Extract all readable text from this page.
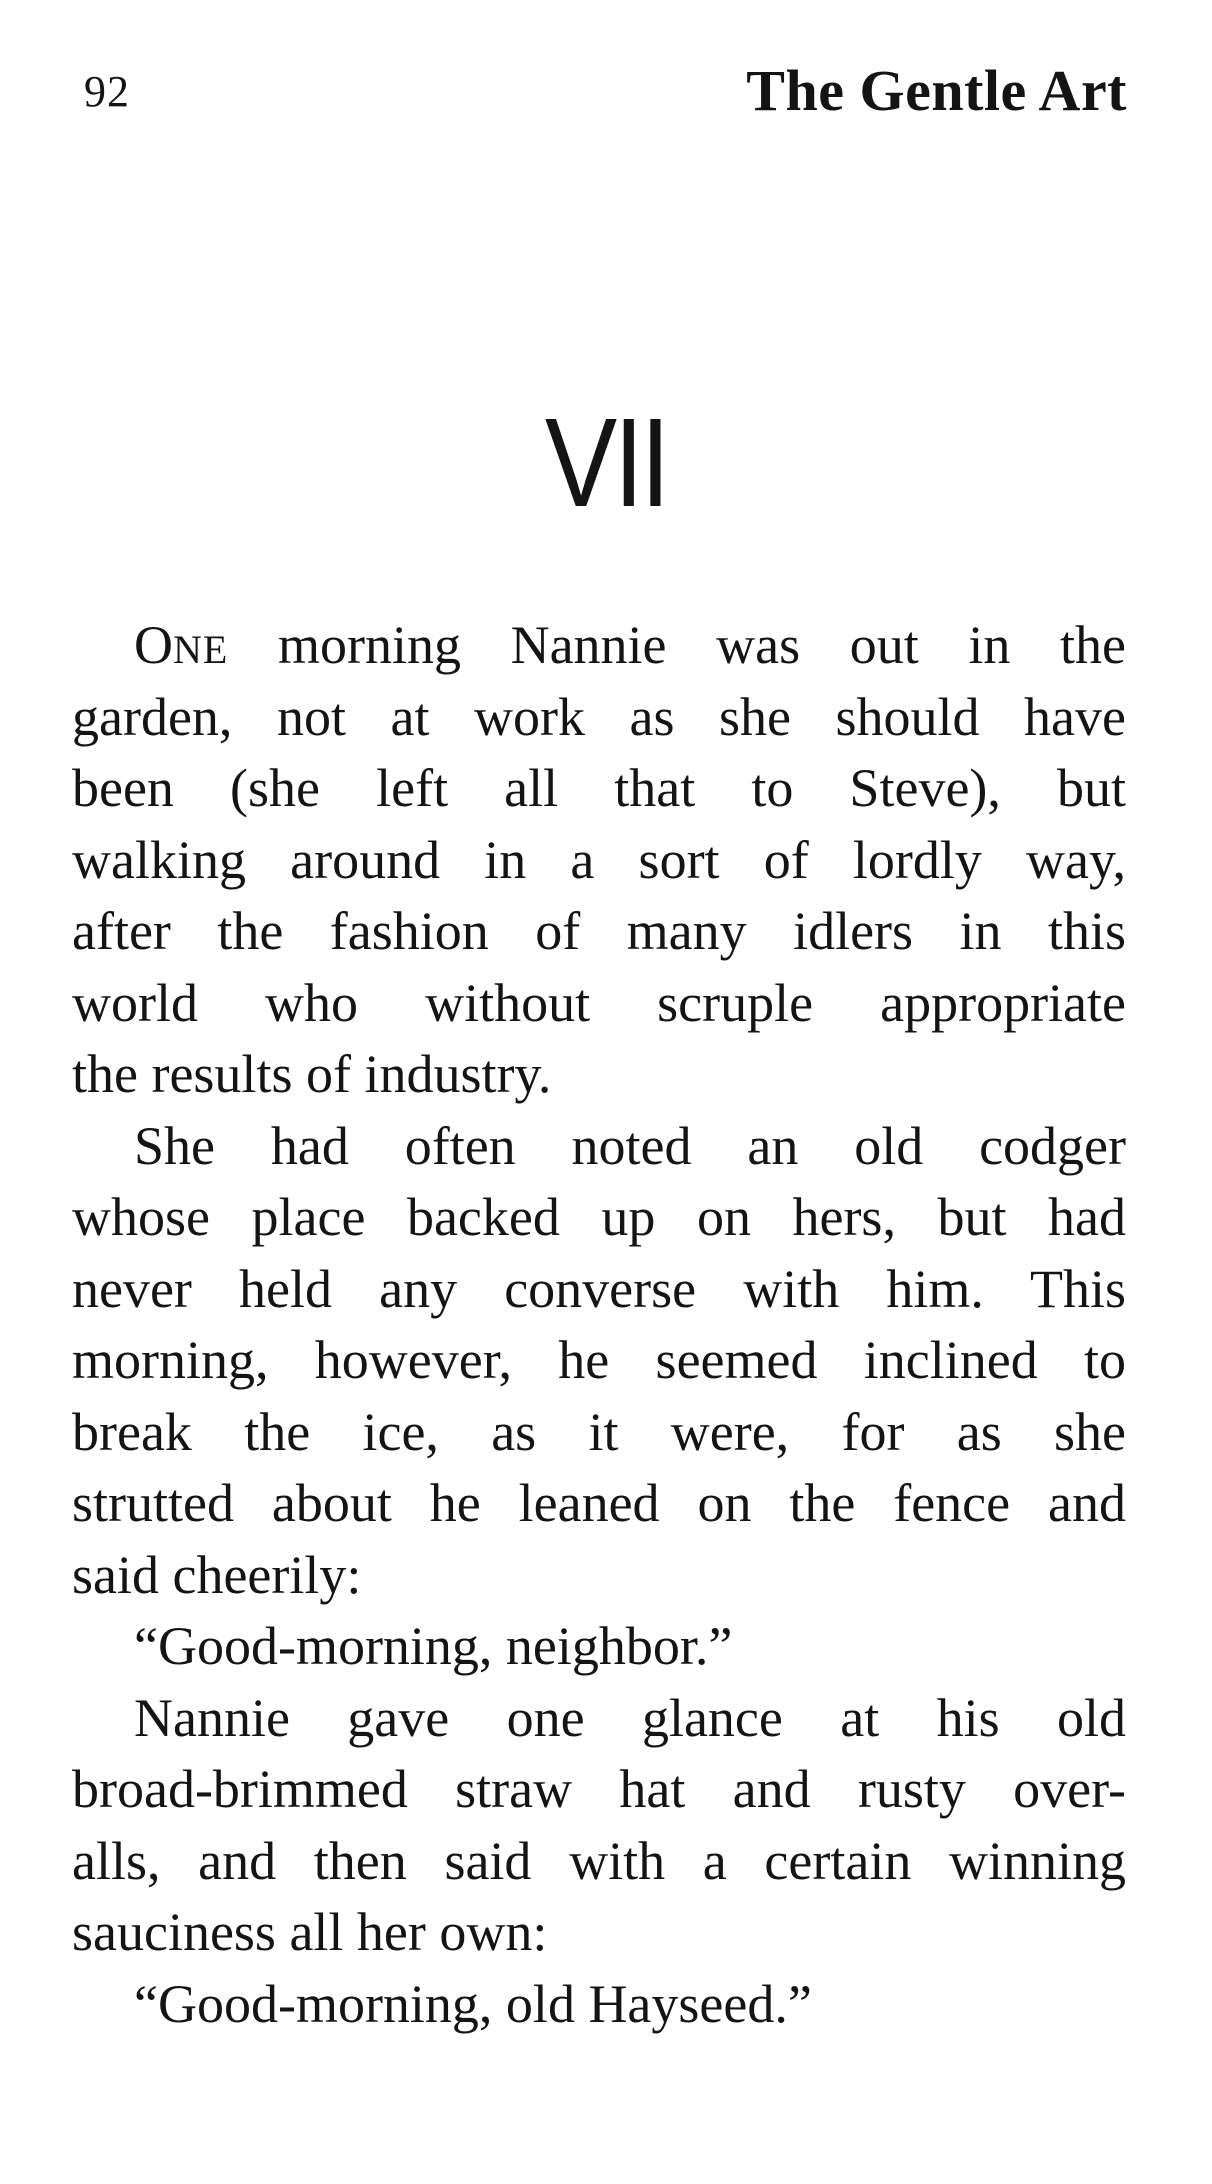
92	The Gentle Art
VII
ONE morning Nannie was out in the
garden, not at work as she should have
been (she left all that to Steve), but
walking around in a sort of lordly way,
after the fashion of many idlers in this
world who without scruple appropriate
the results of industry.
She had often noted an old codger
whose place backed up on hers, but had
never held any converse with him. This
morning, however, he seemed inclined to
break the ice, as it were, for as she
strutted about he leaned on the fence and
said cheerily:
“Good-morning, neighbor.”
Nannie gave one glance at his old
broad-brimmed straw hat and rusty over-
alls, and then said with a certain winning
sauciness all her own:
“Good-morning, old Hayseed.”
